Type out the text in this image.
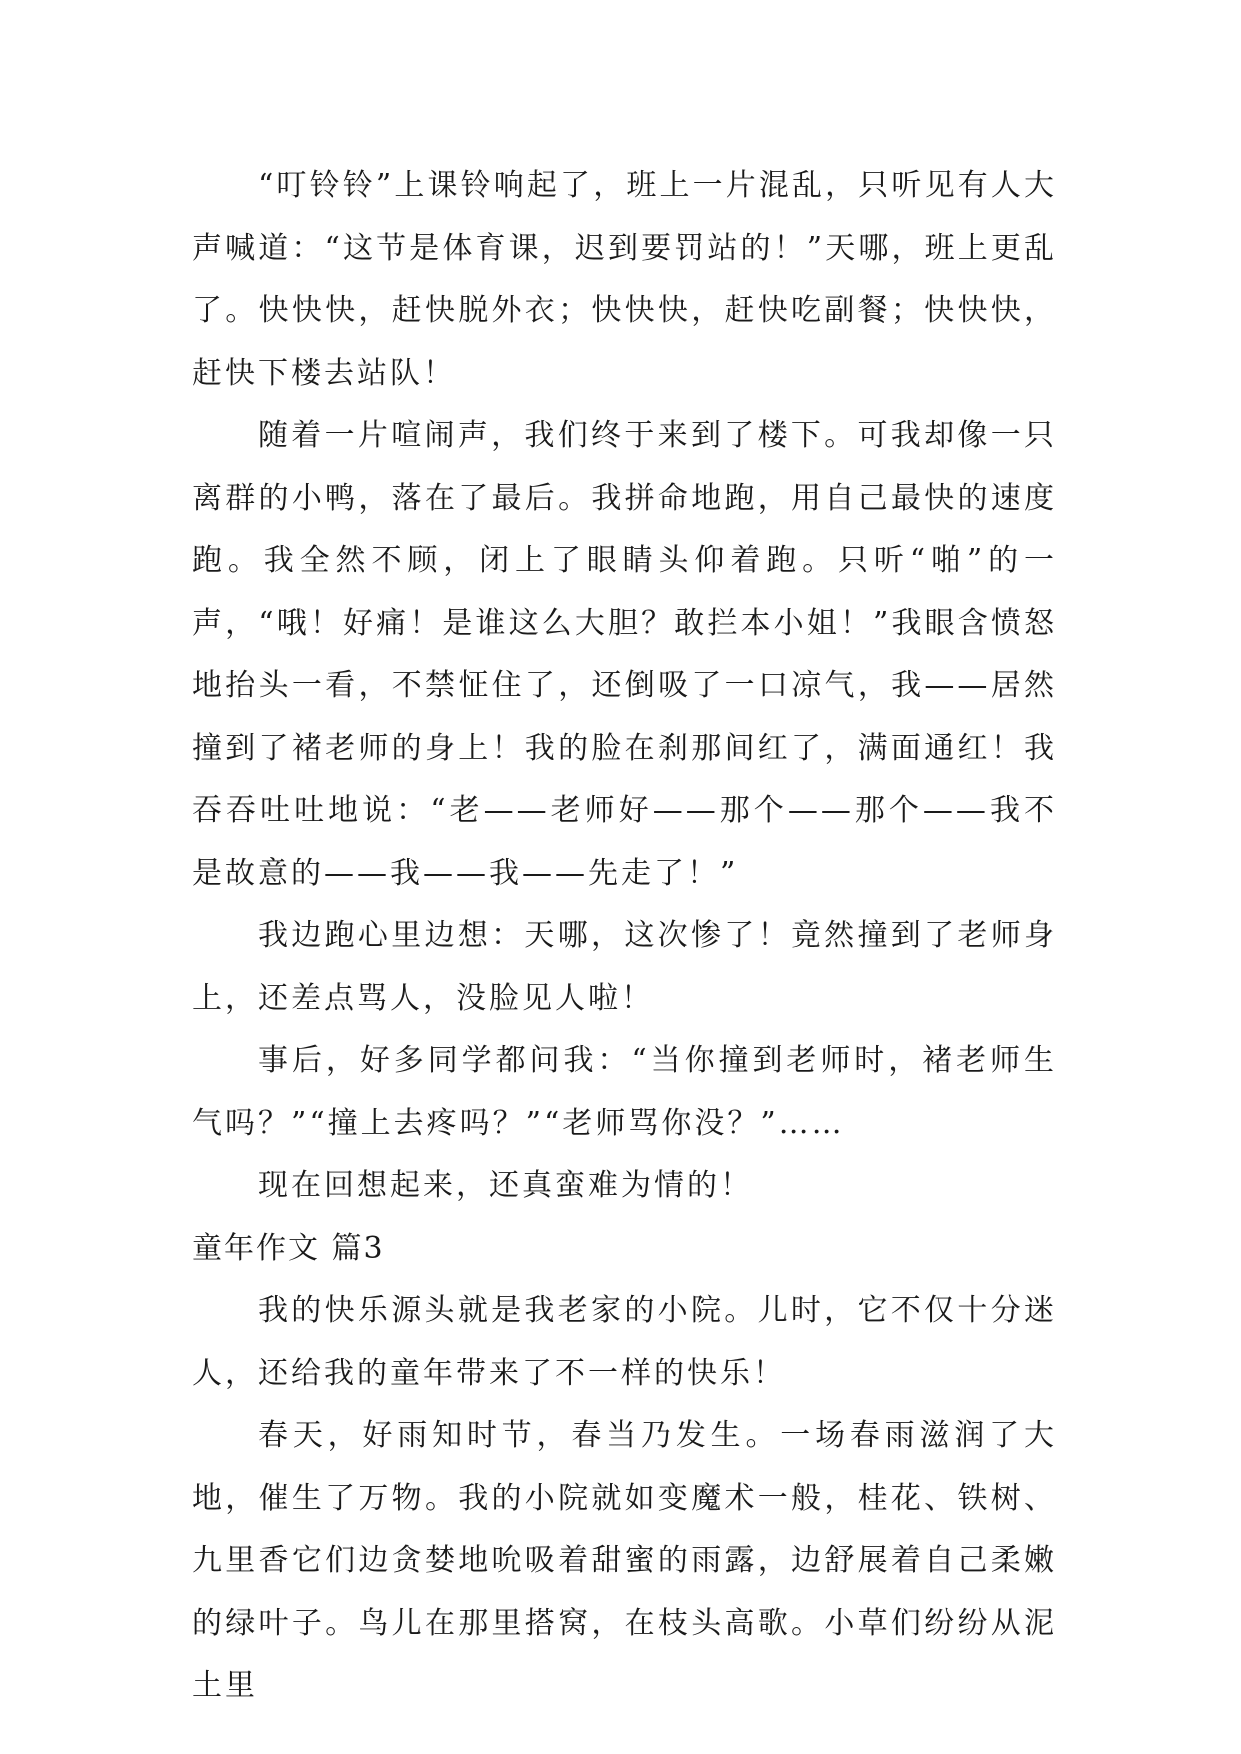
“叮铃铃”上课铃响起了，班上一片混乱，只听见有人大声喊道：“这节是体育课，迟到要罚站的！”天哪，班上更乱了。快快快，赶快脱外衣；快快快，赶快吃副餐；快快快，赶快下楼去站队！

随着一片喧闹声，我们终于来到了楼下。可我却像一只离群的小鸭，落在了最后。我拼命地跑，用自己最快的速度跑。我全然不顾，闭上了眼睛头仰着跑。只听“啪”的一声，“哦！好痛！是谁这么大胆？敢拦本小姐！”我眼含愤怒地抬头一看，不禁怔住了，还倒吸了一口凉气，我——居然撞到了褚老师的身上！我的脸在刹那间红了，满面通红！我吞吞吐吐地说：“老——老师好——那个——那个——我不是故意的——我——我——先走了！”

我边跑心里边想：天哪，这次惨了！竟然撞到了老师身上，还差点骂人，没脸见人啦！

事后，好多同学都问我：“当你撞到老师时，褚老师生气吗？”“撞上去疼吗？”“老师骂你没？”……

现在回想起来，还真蛮难为情的！

童年作文 篇3

我的快乐源头就是我老家的小院。儿时，它不仅十分迷人，还给我的童年带来了不一样的快乐！

春天，好雨知时节，春当乃发生。一场春雨滋润了大地，催生了万物。我的小院就如变魔术一般，桂花、铁树、九里香它们边贪婪地吮吸着甜蜜的雨露，边舒展着自己柔嫩的绿叶子。鸟儿在那里搭窝，在枝头高歌。小草们纷纷从泥土里
